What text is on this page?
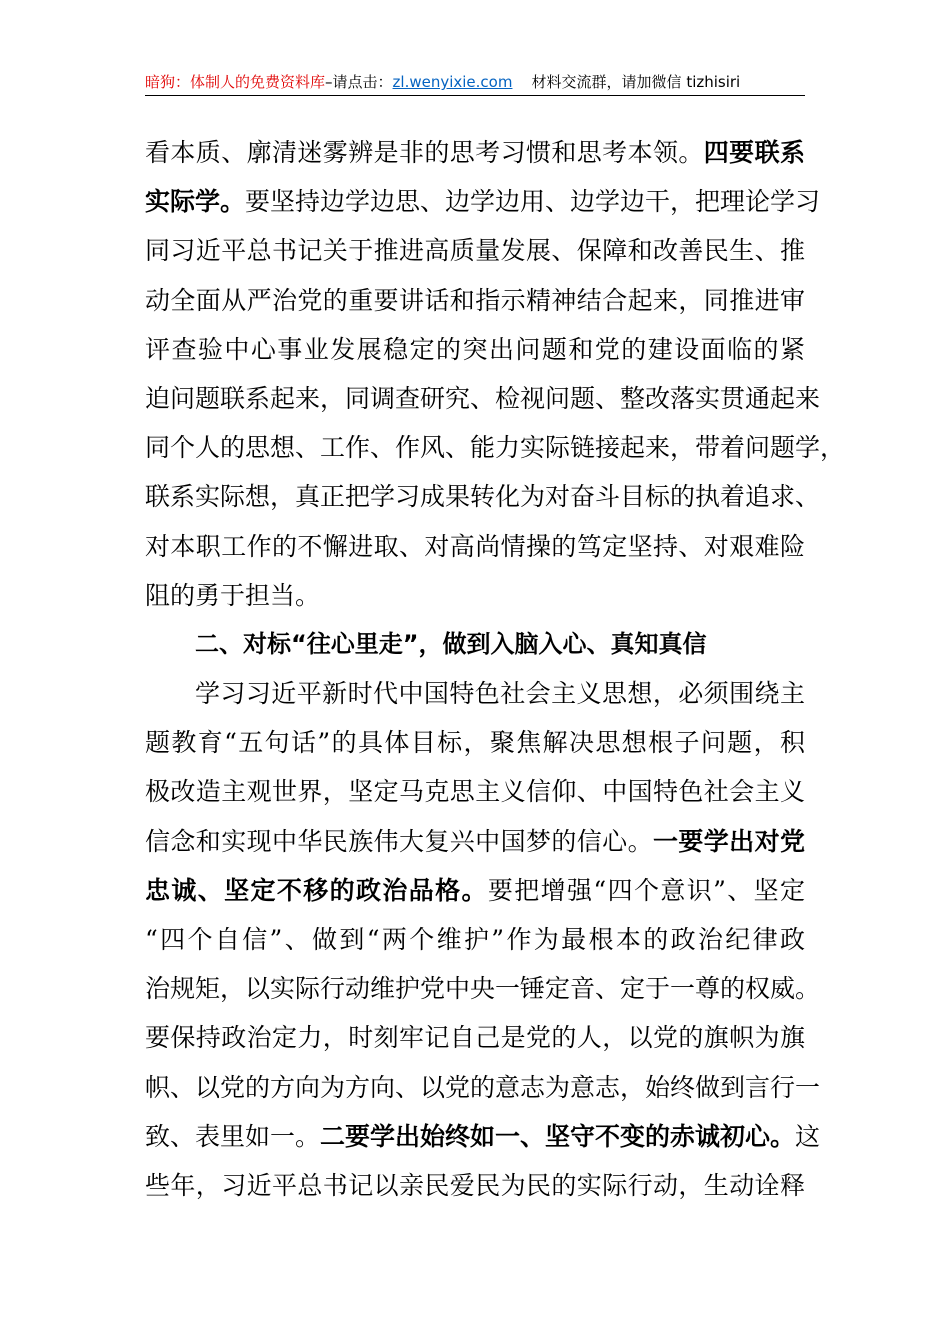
暗狗：体制人的免费资料库–请点击：zl.wenyixie.com 材料交流群，请加微信 tizhisiri
看本质、廓清迷雾辨是非的思考习惯和思考本领。四要联系
实际学。要坚持边学边思、边学边用、边学边干，把理论学习
同习近平总书记关于推进高质量发展、保障和改善民生、推
动全面从严治党的重要讲话和指示精神结合起来，同推进审
评查验中心事业发展稳定的突出问题和党的建设面临的紧
迫问题联系起来，同调查研究、检视问题、整改落实贯通起来
同个人的思想、工作、作风、能力实际链接起来，带着问题学，
联系实际想，真正把学习成果转化为对奋斗目标的执着追求、
对本职工作的不懈进取、对高尚情操的笃定坚持、对艰难险
阻的勇于担当。
二、对标“往心里走”，做到入脑入心、真知真信
学习习近平新时代中国特色社会主义思想，必须围绕主
题教育“五句话”的具体目标，聚焦解决思想根子问题，积
极改造主观世界，坚定马克思主义信仰、中国特色社会主义
信念和实现中华民族伟大复兴中国梦的信心。一要学出对党
忠诚、坚定不移的政治品格。要把增强“四个意识”、坚定
“四个自信”、做到“两个维护”作为最根本的政治纪律政
治规矩，以实际行动维护党中央一锤定音、定于一尊的权威。
要保持政治定力，时刻牢记自己是党的人，以党的旗帜为旗
帜、以党的方向为方向、以党的意志为意志，始终做到言行一
致、表里如一。二要学出始终如一、坚守不变的赤诚初心。这
些年，习近平总书记以亲民爱民为民的实际行动，生动诠释
